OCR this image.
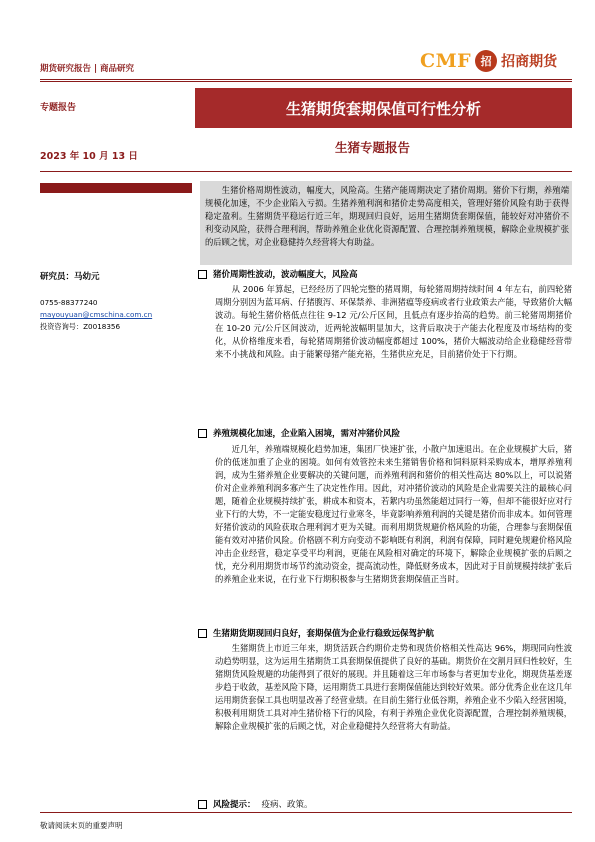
期货研究报告 | 商品研究	CMF 招 招商期货
专题报告	生猪期货套期保值可行性分析
2023 年 10 月 13 日
生猪专题报告
生猪价格周期性波动，幅度大，风险高。生猪产能周期决定了猪价周期。猪价下行期，养殖端规模化加速，不少企业陷入亏损。生猪养殖利润和猪价走势高度相关，管理好猪价风险有助于获得稳定盈利。生猪期货平稳运行近三年，期现回归良好，运用生猪期货套期保值，能较好对冲猪价不利变动风险，获得合理利润，帮助养殖企业优化资源配置、合理控制养殖规模，解除企业规模扩张的后顾之忧，对企业稳健持久经营将大有助益。
研究员：马幼元
0755-88377240
mayouyuan@cmschina.com.cn
投资咨询号：Z0018356
猪价周期性波动，波动幅度大，风险高
从 2006 年算起，已经经历了四轮完整的猪周期，每轮猪周期持续时间 4 年左右，前四轮猪周期分别因为蓝耳病、仔猪腹泻、环保禁养、非洲猪瘟等疫病或者行业政策去产能，导致猪价大幅波动。每轮生猪价格低点往往 9-12 元/公斤区间，且低点有逐步抬高的趋势。前三轮猪周期猪价在 10-20 元/公斤区间波动，近两轮波幅明显加大，这背后取决于产能去化程度及市场结构的变化，从价格维度来看，每轮猪周期猪价波动幅度都超过 100%，猪价大幅波动给企业稳健经营带来不小挑战和风险。由于能繁母猪产能充裕，生猪供应充足，目前猪价处于下行期。
养殖规模化加速，企业陷入困境，需对冲猪价风险
近几年，养殖端规模化趋势加速，集团厂快速扩张，小散户加速退出。在企业规模扩大后，猪价的低迷加重了企业的困境。如何有效管控未来生猪销售价格和饲料原料采购成本，增厚养殖利润，成为生猪养殖企业要解决的关键问题，而养殖利润和猪价的相关性高达 80%以上，可以说猪价对企业养殖利润多寡产生了决定性作用。因此，对冲猪价波动的风险是企业需要关注的最核心问题，随着企业规模持续扩张，耕成本和资本，若絮内功虽然能超过同行一筹，但却不能很好应对行业下行的大势，不一定能安稳度过行业寒冬，毕竟影响养殖利润的关键是猪价而非成本。如何管理好猪价波动的风险获取合理利润才更为关键。而利用期货规避价格风险的功能，合理参与套期保值能有效对冲猪价风险。价格剧不利方向变动不影响既有利润，利润有保障，同时避免规避价格风险冲击企业经营，稳定享受平均利润，更能在风险相对确定的环境下，解除企业规模扩张的后顾之忧，充分利用期货市场节约流动资金，提高流动性，降低财务成本，因此对于目前规模持续扩张后的养殖企业来说，在行业下行期积极参与生猪期货套期保值正当时。
生猪期货期现回归良好，套期保值为企业行稳致远保驾护航
生猪期货上市近三年来，期货活跃合约期价走势和现货价格相关性高达 96%，期现同向性波动趋势明显，这为运用生猪期货工具套期保值提供了良好的基础。期货价在交割月回归性较好，生猪期货风险规避的功能得到了很好的展现。并且随着这三年市场参与者更加专业化，期现货基差逐步趋于收敛，基差风险下降，运用期货工具进行套期保值能达到较好效果。部分优秀企业在这几年运用期货套保工具也明显改善了经营业绩。在目前生猪行业低谷期，养殖企业不少陷入经营困境，积极利用期货工具对冲生猪价格下行的风险，有利于养殖企业优化资源配置，合理控制养殖规模，解除企业规模扩张的后顾之忧，对企业稳健持久经营将大有助益。
风险提示： 疫病、政策。
敬请阅读末页的重要声明
